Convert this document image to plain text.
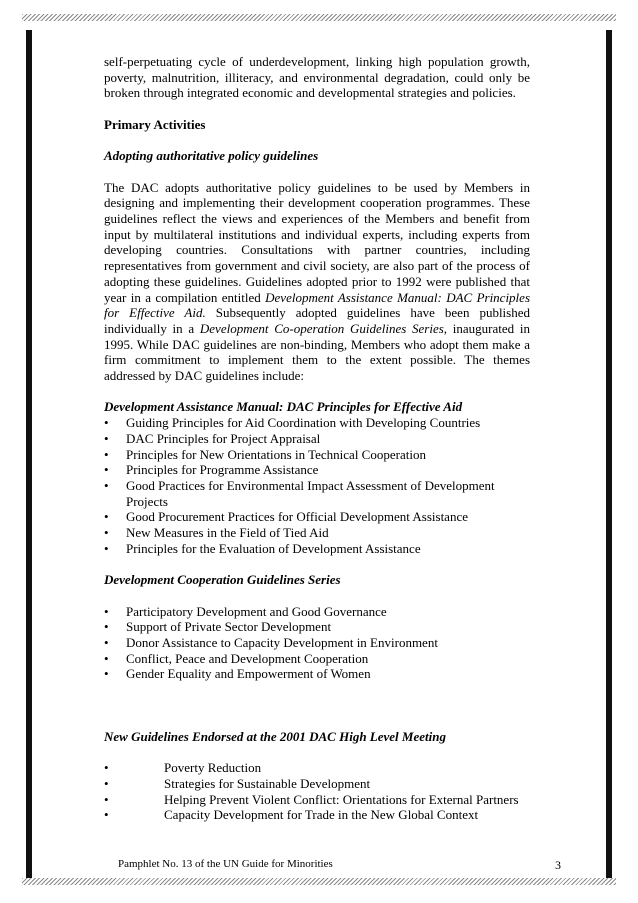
self-perpetuating cycle of underdevelopment, linking high population growth, poverty, malnutrition, illiteracy, and environmental degradation, could only be broken through integrated economic and developmental strategies and policies.

Primary Activities

Adopting authoritative policy guidelines

The DAC adopts authoritative policy guidelines to be used by Members in designing and implementing their development cooperation programmes. These guidelines reflect the views and experiences of the Members and benefit from input by multilateral institutions and individual experts, including experts from developing countries. Consultations with partner countries, including representatives from government and civil society, are also part of the process of adopting these guidelines. Guidelines adopted prior to 1992 were published that year in a compilation entitled Development Assistance Manual: DAC Principles for Effective Aid. Subsequently adopted guidelines have been published individually in a Development Co-operation Guidelines Series, inaugurated in 1995. While DAC guidelines are non-binding, Members who adopt them make a firm commitment to implement them to the extent possible. The themes addressed by DAC guidelines include:

Development Assistance Manual: DAC Principles for Effective Aid

• Guiding Principles for Aid Coordination with Developing Countries
• DAC Principles for Project Appraisal
• Principles for New Orientations in Technical Cooperation
• Principles for Programme Assistance
• Good Practices for Environmental Impact Assessment of Development Projects
• Good Procurement Practices for Official Development Assistance
• New Measures in the Field of Tied Aid
• Principles for the Evaluation of Development Assistance

Development Cooperation Guidelines Series

• Participatory Development and Good Governance
• Support of Private Sector Development
• Donor Assistance to Capacity Development in Environment
• Conflict, Peace and Development Cooperation
• Gender Equality and Empowerment of Women

New Guidelines Endorsed at the 2001 DAC High Level Meeting

•	Poverty Reduction
•	Strategies for Sustainable Development
•	Helping Prevent Violent Conflict: Orientations for External Partners
•	Capacity Development for Trade in the New Global Context
Pamphlet No. 13 of the UN Guide for Minorities	3
